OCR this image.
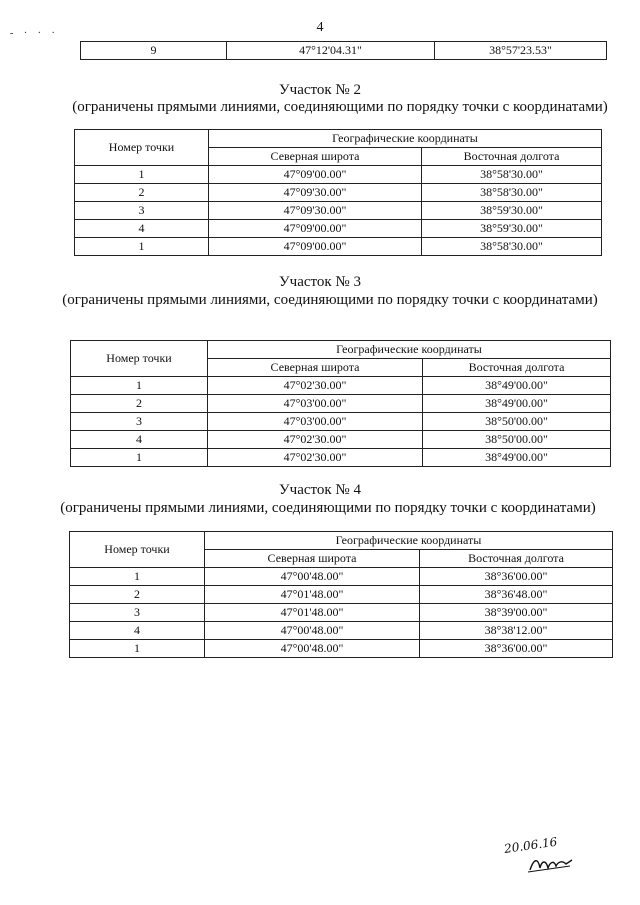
- · · ·	4
9	47°12'04.31"	38°57'23.53"
Участок № 2
(ограничены прямыми линиями, соединяющими по порядку точки с координатами)
Номер точки	Географические координаты	
	Северная широта	Восточная долгота
1	47°09'00.00"	38°58'30.00"
2	47°09'30.00"	38°58'30.00"
3	47°09'30.00"	38°59'30.00"
4	47°09'00.00"	38°59'30.00"
1	47°09'00.00"	38°58'30.00"
Участок № 3
(ограничены прямыми линиями, соединяющими по порядку точки с координатами)
Номер точки	Географические координаты	
	Северная широта	Восточная долгота
1	47°02'30.00"	38°49'00.00"
2	47°03'00.00"	38°49'00.00"
3	47°03'00.00"	38°50'00.00"
4	47°02'30.00"	38°50'00.00"
1	47°02'30.00"	38°49'00.00"
Участок № 4
(ограничены прямыми линиями, соединяющими по порядку точки с координатами)
Номер точки	Географические координаты	
	Северная широта	Восточная долгота
1	47°00'48.00"	38°36'00.00"
2	47°01'48.00"	38°36'48.00"
3	47°01'48.00"	38°39'00.00"
4	47°00'48.00"	38°38'12.00"
1	47°00'48.00"	38°36'00.00"
20.06.16
